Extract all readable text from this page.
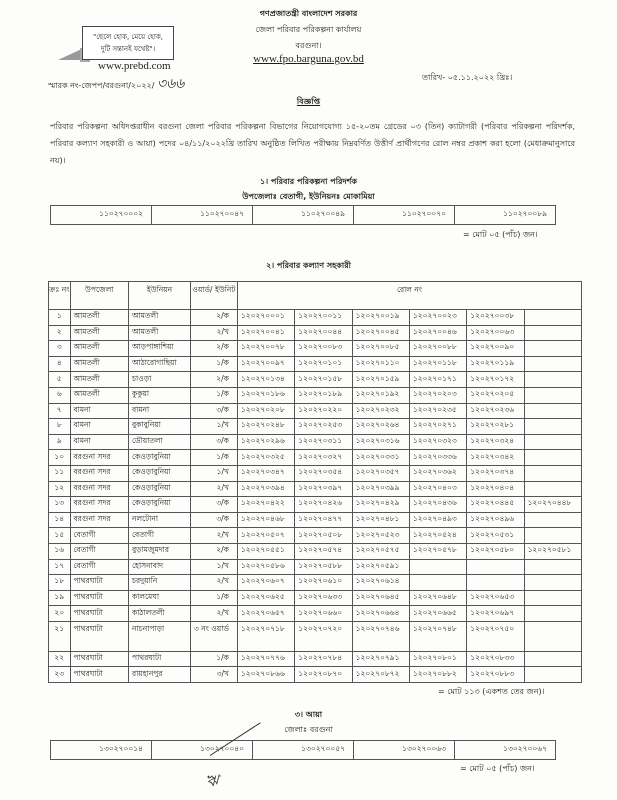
গণপ্রজাতন্ত্রী বাংলাদেশ সরকার
জেলা পরিবার পরিকল্পনা কার্যালয়
বরগুনা।
www.fpo.barguna.gov.bd
"ছেলে হোক, মেয়ে হোক,
দুটি সন্তানই যথেষ্ট"।
www.prebd.com
স্মারক নং-জেপপ/বরগুনা/২০২২/ ৩৬৬	তারিখ- ০৫.১১.২০২২ খ্রিঃ।
বিজ্ঞপ্তি

পরিবার পরিকল্পনা অধিদপ্তরাধীন বরগুনা জেলা পরিবার পরিকল্পনা বিভাগের নিয়োগযোগ্য ১৫-২০তম গ্রেডের ০৩ (তিন) ক্যাটাগরী (পরিবার পরিকল্পনা পরিদর্শক, পরিবার কল্যাণ সহকারী ও আয়া) পদের ০৪/১১/২০২২খ্রি তারিখ অনুষ্ঠিত লিখিত পরীক্ষায় নিম্নবর্ণিত উত্তীর্ণ প্রার্থীগণের রোল নম্বর প্রকাশ করা হলো (মেধাক্রমানুসারে নয়)।

১। পরিবার পরিকল্পনা পরিদর্শক
উপজেলাঃ বেতাগী, ইউনিয়নঃ মোকামিয়া
১১০২৭০০০২	১১০২৭০০৪৭	১১০২৭০০৪৯	১১০২৭০০৭০	১১০২৭০০৮৯
= মোট ০৫ (পাঁচ) জন।
২। পরিবার কল্যাণ সহকারী
ক্রঃ নং	উপজেলা	ইউনিয়ন	ওয়ার্ড/ ইউনিট	রোল নং					
১	আমতলী	আমতলী	২/ক	১২০২৭০০০১	১২০২৭০০১১	১২০২৭০০১৯	১২০২৭০০২৩	১২০২৭০০৩৮	
২	আমতলী	আমতলী	২/খ	১২০২৭০০৪১	১২০২৭০০৪৪	১২০২৭০০৪৫	১২০২৭০০৪৬	১২০২৭০০৬৩	
৩	আমতলী	আড়পাঙ্গাশিয়া	২/ক	১২০২৭০০৭৮	১২০২৭০০৮৩	১২০২৭০০৮৫	১২০২৭০০৮৮	১২০২৭০০৯০	
৪	আমতলী	আঠারোগাছিয়া	১/ক	১২০২৭০০৯৭	১২০২৭০১০১	১২০২৭০১১০	১২০২৭০১১৮	১২০২৭০১১৯	
৫	আমতলী	চাওড়া	২/ক	১২০২৭০১৩৪	১২০২৭০১৫৮	১২০২৭০১৫৯	১২০২৭০১৭১	১২০২৭০১৭২	
৬	আমতলী	কুকুয়া	১/ক	১২০২৭০১৮৬	১২০২৭০১৮৯	১২০২৭০১৯২	১২০২৭০২০৩	১২০২৭০২০৫	
৭	বামনা	বামনা	৩/ক	১২০২৭০২০৮	১২০২৭০২২০	১২০২৭০২৩২	১২০২৭০২৩৫	১২০২৭০২৩৬	
৮	বামনা	বুকাবুনিয়া	১/খ	১২০২৭০২৪৮	১২০২৭০২৫৩	১২০২৭০২৬৪	১২০২৭০২৭১	১২০২৭০২৮১	
৯	বামনা	ডৌয়াতলা	৩/ক	১২০২৭০২৯৬	১২০২৭০৩১১	১২০২৭০৩১৬	১২০২৭০৩২৩	১২০২৭০৩২৪	
১০	বরগুনা সদর	কেওড়াবুনিয়া	১/ক	১২০২৭০৩২৫	১২০২৭০৩২৭	১২০২৭০৩৩১	১২০২৭০৩৩৬	১২০২৭০৩৪২	
১১	বরগুনা সদর	কেওড়াবুনিয়া	১/খ	১২০২৭০৩৪৭	১২০২৭০৩৫৪	১২০২৭০৩৫৭	১২০২৭০৩৬২	১২০২৭০৩৭৪	
১২	বরগুনা সদর	কেওড়াবুনিয়া	২/খ	১২০২৭০৩৯৪	১২০২৭০৩৯৭	১২০২৭০৩৯৯	১২০২৭০৪০৩	১২০২৭০৪০৪	
১৩	বরগুনা সদর	কেওড়াবুনিয়া	৩/ক	১২০২৭০৪২২	১২০২৭০৪২৬	১২০২৭০৪২৯	১২০২৭০৪৩৬	১২০২৭০৪৪৫	১২০২৭০৪৪৮
১৪	বরগুনা সদর	নলটোনা	৩/ক	১২০২৭০৪৬৮	১২০২৭০৪৭৭	১২০২৭০৪৮১	১২০২৭০৪৯৩	১২০২৭০৪৯৬	
১৫	বেতাগী	বেতাগী	২/খ	১২০২৭০৫০৭	১২০২৭০৫০৮	১২০২৭০৫২৩	১২০২৭০৫২৪	১২০২৭০৫৩১	
১৬	বেতাগী	বুড়ামজুমদার	২/ক	১২০২৭০৫৫১	১২০২৭০৫৭৪	১২০২৭০৫৭৫	১২০২৭০৫৭৮	১২০২৭০৫৮০	১২০২৭০৫৮১
১৭	বেতাগী	হোসনাবাদ	১/খ	১২০২৭০৫৮৬	১২০২৭০৫৮৮	১২০২৭০৫৯১			
১৮	পাথরঘাটা	চরদুয়ানি	২/খ	১২০২৭০৬০৭	১২০২৭০৬১০	১২০২৭০৬১৪			
১৯	পাথরঘাটা	কালমেঘা	১/ক	১২০২৭০৬২৫	১২০২৭০৬৩৩	১২০২৭০৬৪৫	১২০২৭০৬৪৮	১২০২৭০৬৫৩	
২০	পাথরঘাটা	কাঠালতলী	২/খ	১২০২৭০৬৫৭	১২০২৭০৬৬০	১২০২৭০৬৬৪	১২০২৭০৬৬৫	১২০২৭০৬৯৭	
২১	পাথরঘাটা	নাচনাপাড়া	৩ নং ওয়ার্ড	১২০২৭০৭১৮	১২০২৭০৭২০	১২০২৭০৭৪৬	১২০২৭০৭৪৮	১২০২৭০৭৫০	
২২	পাথরঘাটা	পাথরঘাটা	১/ক	১২০২৭০৭৭৬	১২০২৭০৭৮৪	১২০২৭০৭৯১	১২০২৭০৮০১	১২০২৭০৮৩৩	
২৩	পাথরঘাটা	রায়হানপুর	৩/খ	১২০২৭০৮৬৬	১২০২৭০৮৭০	১২০২৭০৮৭২	১২০২৭০৮৮২	১২০২৭০৮৮৩	
= মোট ১১৩ (একশত তের জন)।
৩। আয়া
জেলাঃ বরগুনা
১৩০২৭০০১৪	১৩০২৭০০৪০	১৩০২৭০০৫৭	১৩০২৭০০৬৩	১৩০২৭০০৬৭
= মোট ০৫ (পাঁচ) জন।
ঋ
